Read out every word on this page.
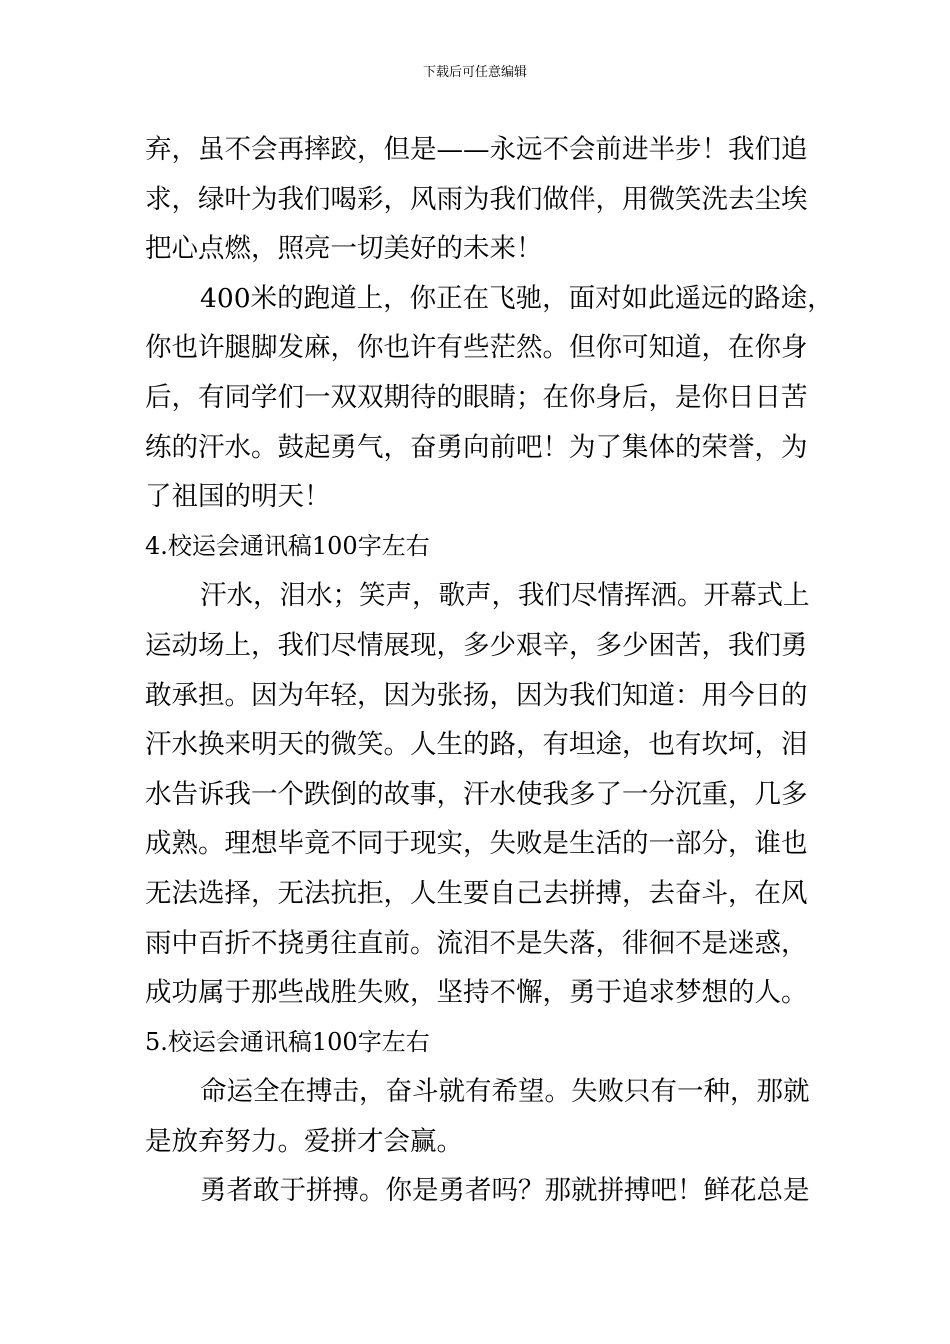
下载后可任意编辑
弃，虽不会再摔跤，但是——永远不会前进半步！我们追
求，绿叶为我们喝彩，风雨为我们做伴，用微笑洗去尘埃
把心点燃，照亮一切美好的未来！
400米的跑道上，你正在飞驰，面对如此遥远的路途，
你也许腿脚发麻，你也许有些茫然。但你可知道，在你身
后，有同学们一双双期待的眼睛；在你身后，是你日日苦
练的汗水。鼓起勇气，奋勇向前吧！为了集体的荣誉，为
了祖国的明天！
4.校运会通讯稿100字左右
汗水，泪水；笑声，歌声，我们尽情挥洒。开幕式上
运动场上，我们尽情展现，多少艰辛，多少困苦，我们勇
敢承担。因为年轻，因为张扬，因为我们知道：用今日的
汗水换来明天的微笑。人生的路，有坦途，也有坎坷，泪
水告诉我一个跌倒的故事，汗水使我多了一分沉重，几多
成熟。理想毕竟不同于现实，失败是生活的一部分，谁也
无法选择，无法抗拒，人生要自己去拼搏，去奋斗，在风
雨中百折不挠勇往直前。流泪不是失落，徘徊不是迷惑，
成功属于那些战胜失败，坚持不懈，勇于追求梦想的人。
5.校运会通讯稿100字左右
命运全在搏击，奋斗就有希望。失败只有一种，那就
是放弃努力。爱拼才会赢。
勇者敢于拼搏。你是勇者吗？那就拼搏吧！鲜花总是
